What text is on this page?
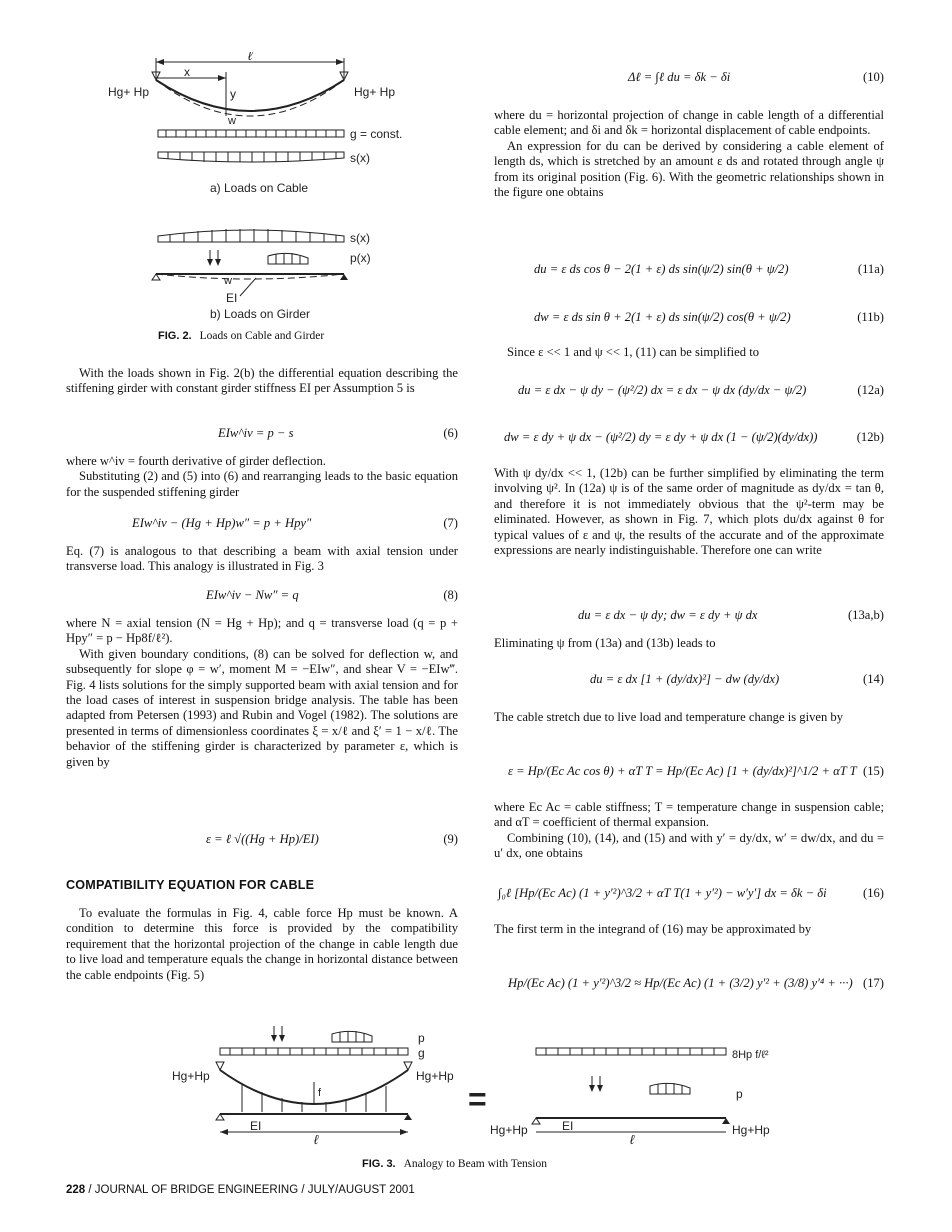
ℓ
x
y
Hg+ Hp	Hg+ Hp
w
g = const.
s(x)
a) Loads on Cable
s(x)
p(x)
w
EI
b) Loads on Girder
FIG. 2. Loads on Cable and Girder

With the loads shown in Fig. 2(b) the differential equation describing the stiffening girder with constant girder stiffness EI per Assumption 5 is

EIw^iv = p − s	(6)

where w^iv = fourth derivative of girder deflection.

Substituting (2) and (5) into (6) and rearranging leads to the basic equation for the suspended stiffening girder

EIw^iv − (Hg + Hp)w″ = p + Hpy″	(7)

Eq. (7) is analogous to that describing a beam with axial tension under transverse load. This analogy is illustrated in Fig. 3

EIw^iv − Nw″ = q	(8)

where N = axial tension (N = Hg + Hp); and q = transverse load (q = p + Hpy″ = p − Hp8f/ℓ²).

With given boundary conditions, (8) can be solved for deflection w, and subsequently for slope φ = w′, moment M = −EIw″, and shear V = −EIw‴. Fig. 4 lists solutions for the simply supported beam with axial tension and for the load cases of interest in suspension bridge analysis. The table has been adapted from Petersen (1993) and Rubin and Vogel (1982). The solutions are presented in terms of dimensionless coordinates ξ = x/ℓ and ξ′ = 1 − x/ℓ. The behavior of the stiffening girder is characterized by parameter ε, which is given by

ε = ℓ √((Hg + Hp)/EI)	(9)
COMPATIBILITY EQUATION FOR CABLE

To evaluate the formulas in Fig. 4, cable force Hp must be known. A condition to determine this force is provided by the compatibility requirement that the horizontal projection of the change in cable length due to live load and temperature equals the change in horizontal distance between the cable endpoints (Fig. 5)

Δℓ = ∫ℓ du = δk − δi	(10)

where du = horizontal projection of change in cable length of a differential cable element; and δi and δk = horizontal displacement of cable endpoints.

An expression for du can be derived by considering a cable element of length ds, which is stretched by an amount ε ds and rotated through angle ψ from its original position (Fig. 6). With the geometric relationships shown in the figure one obtains

du = ε ds cos θ − 2(1 + ε) ds sin(ψ/2) sin(θ + ψ/2)	(11a)
dw = ε ds sin θ + 2(1 + ε) ds sin(ψ/2) cos(θ + ψ/2)	(11b)

Since ε << 1 and ψ << 1, (11) can be simplified to

du = ε dx − ψ dy − (ψ²/2) dx = ε dx − ψ dx (dy/dx − ψ/2)	(12a)
dw = ε dy + ψ dx − (ψ²/2) dy = ε dy + ψ dx (1 − (ψ/2)(dy/dx))	(12b)

With ψ dy/dx << 1, (12b) can be further simplified by eliminating the term involving ψ². In (12a) ψ is of the same order of magnitude as dy/dx = tan θ, and therefore it is not immediately obvious that the ψ²-term may be eliminated. However, as shown in Fig. 7, which plots du/dx against θ for typical values of ε and ψ, the results of the accurate and of the approximate expressions are nearly indistinguishable. Therefore one can write

du = ε dx − ψ dy; dw = ε dy + ψ dx	(13a,b)

Eliminating ψ from (13a) and (13b) leads to

du = ε dx [1 + (dy/dx)²] − dw (dy/dx)	(14)

The cable stretch due to live load and temperature change is given by

ε = Hp/(Ec Ac cos θ) + αT T = Hp/(Ec Ac) [1 + (dy/dx)²]^1/2 + αT T (15)

where Ec Ac = cable stiffness; T = temperature change in suspension cable; and αT = coefficient of thermal expansion.

Combining (10), (14), and (15) and with y′ = dy/dx, w′ = dw/dx, and du = u′ dx, one obtains

∫₀ℓ [Hp/(Ec Ac) (1 + y′²)^3/2 + αT T(1 + y′²) − w′y′] dx = δk − δi	(16)

The first term in the integrand of (16) may be approximated by

Hp/(Ec Ac) (1 + y′²)^3/2 ≈ Hp/(Ec Ac) (1 + (3/2) y′² + (3/8) y′⁴ + ···) (17)
p
g
f
Hg+Hp	Hg+Hp
EI
ℓ
=
8Hp f/ℓ²
p
Hg+Hp	Hg+Hp
EI
ℓ
FIG. 3. Analogy to Beam with Tension
228 / JOURNAL OF BRIDGE ENGINEERING / JULY/AUGUST 2001
